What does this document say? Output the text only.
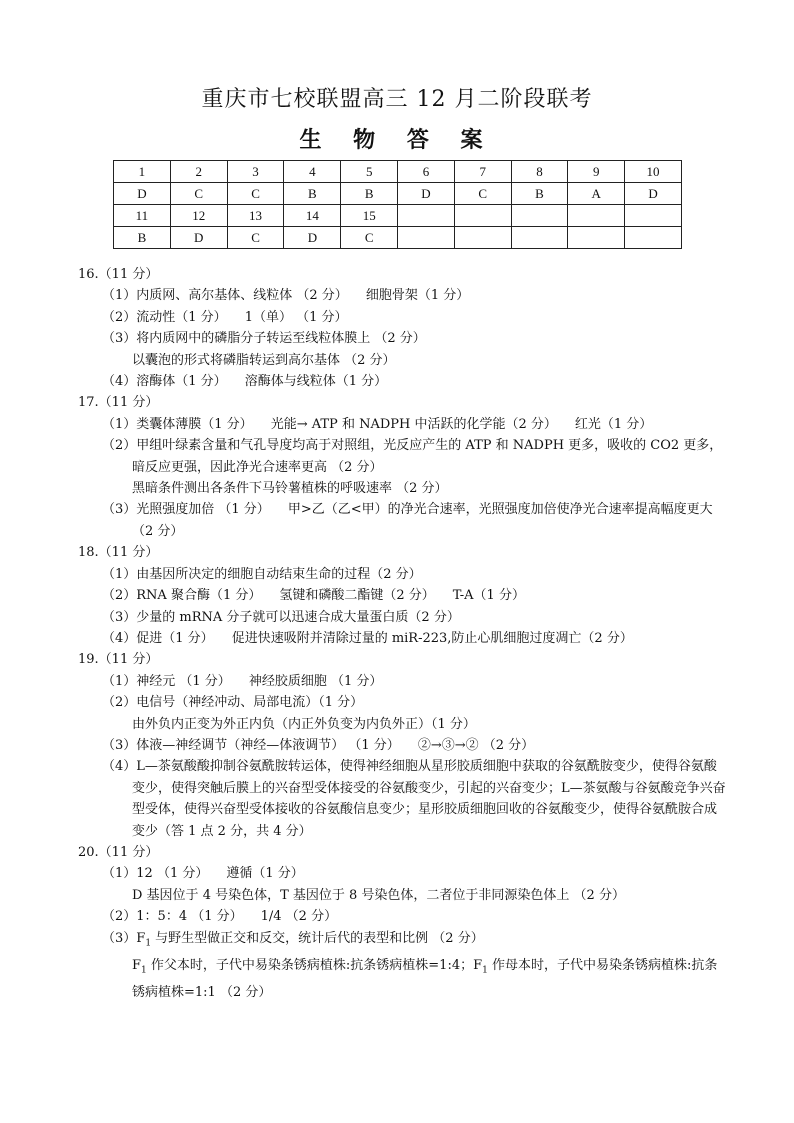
重庆市七校联盟高三 12 月二阶段联考
生 物 答 案
1	2	3	4	5	6	7	8	9	10
D	C	C	B	B	D	C	B	A	D
11	12	13	14	15					
B	D	C	D	C					

16.（11 分）

（1）内质网、高尔基体、线粒体 （2 分） 细胞骨架（1 分）

（2）流动性（1 分） 1（单） （1 分）

（3）将内质网中的磷脂分子转运至线粒体膜上 （2 分）

以囊泡的形式将磷脂转运到高尔基体 （2 分）

（4）溶酶体（1 分） 溶酶体与线粒体（1 分）

17.（11 分）

（1）类囊体薄膜（1 分） 光能→ ATP 和 NADPH 中活跃的化学能（2 分） 红光（1 分）

（2）甲组叶绿素含量和气孔导度均高于对照组，光反应产生的 ATP 和 NADPH 更多，吸收的 CO2 更多，暗反应更强，因此净光合速率更高 （2 分）

黑暗条件测出各条件下马铃薯植株的呼吸速率 （2 分）

（3）光照强度加倍 （1 分） 甲>乙（乙<甲）的净光合速率，光照强度加倍使净光合速率提高幅度更大 （2 分）

18.（11 分）

（1）由基因所决定的细胞自动结束生命的过程（2 分）

（2）RNA 聚合酶（1 分） 氢键和磷酸二酯键（2 分） T-A（1 分）

（3）少量的 mRNA 分子就可以迅速合成大量蛋白质（2 分）

（4）促进（1 分） 促进快速吸附并清除过量的 miR-223,防止心肌细胞过度凋亡（2 分）

19.（11 分）

（1）神经元 （1 分） 神经胶质细胞 （1 分）

（2）电信号（神经冲动、局部电流）（1 分）

由外负内正变为外正内负（内正外负变为内负外正）（1 分）

（3）体液—神经调节（神经—体液调节） （1 分） ②→③→② （2 分）

（4）L—茶氨酸酸抑制谷氨酰胺转运体，使得神经细胞从星形胶质细胞中获取的谷氨酰胺变少，使得谷氨酸变少，使得突触后膜上的兴奋型受体接受的谷氨酸变少，引起的兴奋变少；L—茶氨酸与谷氨酸竞争兴奋型受体，使得兴奋型受体接收的谷氨酸信息变少；星形胶质细胞回收的谷氨酸变少，使得谷氨酰胺合成变少（答 1 点 2 分，共 4 分）

20.（11 分）

（1）12 （1 分） 遵循（1 分）

D 基因位于 4 号染色体，T 基因位于 8 号染色体，二者位于非同源染色体上 （2 分）

（2）1：5：4 （1 分） 1/4 （2 分）

$(3)F_1$ 与野生型做正交和反交，统计后代的表型和比例 （2 分）

$F_1$ 作父本时，子代中易染条锈病植株:抗条锈病植株=1:4；$F_1$ 作母本时，子代中易染条锈病植株:抗条锈病植株=1:1 （2 分）
